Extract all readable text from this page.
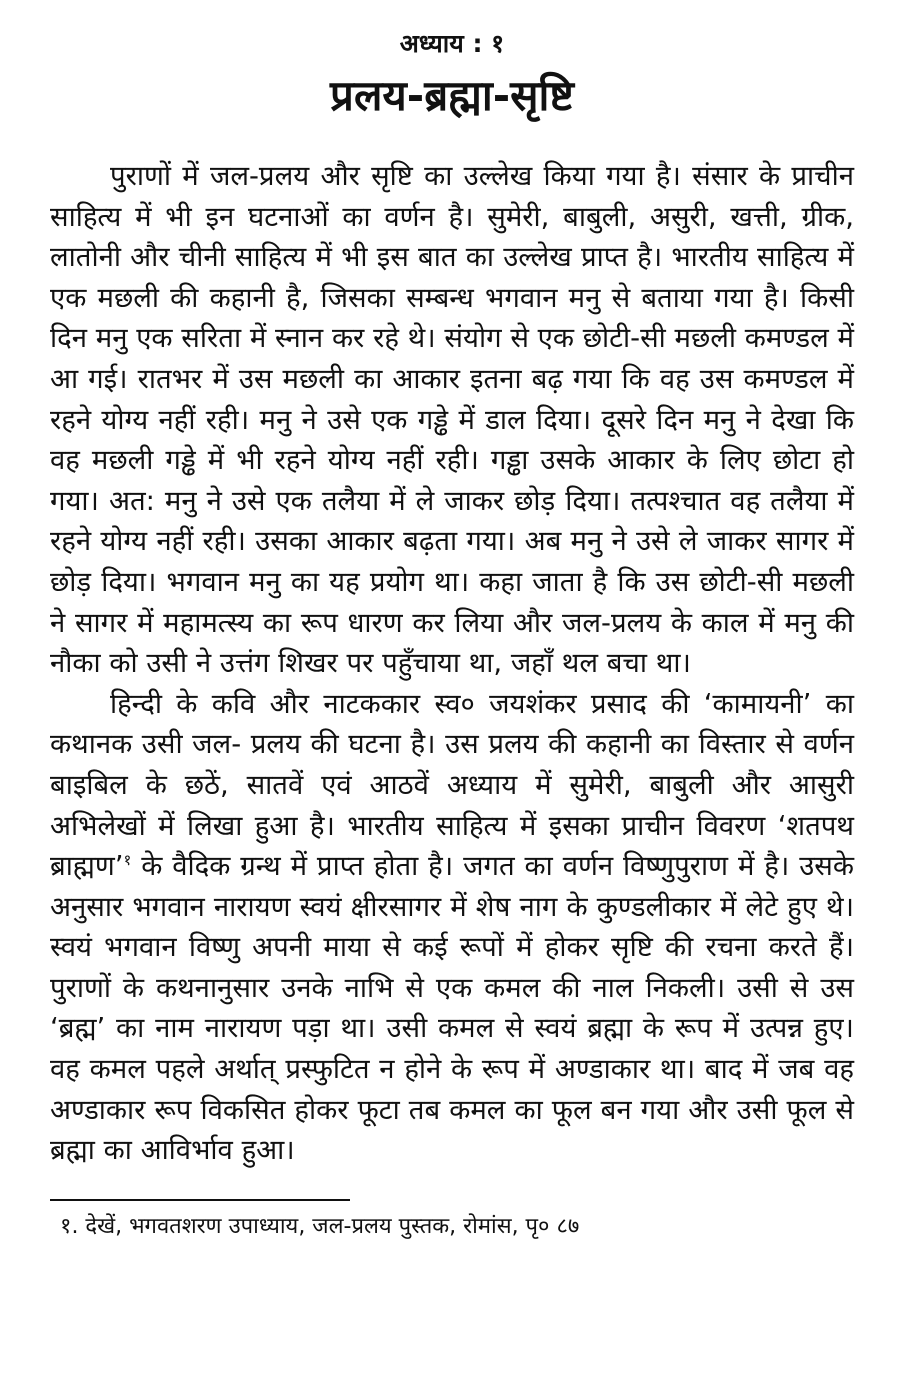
अध्याय : १
प्रलय-ब्रह्मा-सृष्टि

पुराणों में जल-प्रलय और सृष्टि का उल्लेख किया गया है। संसार के प्राचीन साहित्य में भी इन घटनाओं का वर्णन है। सुमेरी, बाबुली, असुरी, खत्ती, ग्रीक, लातोनी और चीनी साहित्य में भी इस बात का उल्लेख प्राप्त है। भारतीय साहित्य में एक मछली की कहानी है, जिसका सम्बन्ध भगवान मनु से बताया गया है। किसी दिन मनु एक सरिता में स्नान कर रहे थे। संयोग से एक छोटी-सी मछली कमण्डल में आ गई। रातभर में उस मछली का आकार इतना बढ़ गया कि वह उस कमण्डल में रहने योग्य नहीं रही। मनु ने उसे एक गड्ढे में डाल दिया। दूसरे दिन मनु ने देखा कि वह मछली गड्ढे में भी रहने योग्य नहीं रही। गड्ढा उसके आकार के लिए छोटा हो गया। अत: मनु ने उसे एक तलैया में ले जाकर छोड़ दिया। तत्पश्चात वह तलैया में रहने योग्य नहीं रही। उसका आकार बढ़ता गया। अब मनु ने उसे ले जाकर सागर में छोड़ दिया। भगवान मनु का यह प्रयोग था। कहा जाता है कि उस छोटी-सी मछली ने सागर में महामत्स्य का रूप धारण कर लिया और जल-प्रलय के काल में मनु की नौका को उसी ने उत्तंग शिखर पर पहुँचाया था, जहाँ थल बचा था।

हिन्दी के कवि और नाटककार स्व० जयशंकर प्रसाद की ‘कामायनी’ का कथानक उसी जल- प्रलय की घटना है। उस प्रलय की कहानी का विस्तार से वर्णन बाइबिल के छठें, सातवें एवं आठवें अध्याय में सुमेरी, बाबुली और आसुरी अभिलेखों में लिखा हुआ है। भारतीय साहित्य में इसका प्राचीन विवरण ‘शतपथ ब्राह्मण’$^१$ के वैदिक ग्रन्थ में प्राप्त होता है। जगत का वर्णन विष्णुपुराण में है। उसके अनुसार भगवान नारायण स्वयं क्षीरसागर में शेष नाग के कुण्डलीकार में लेटे हुए थे। स्वयं भगवान विष्णु अपनी माया से कई रूपों में होकर सृष्टि की रचना करते हैं। पुराणों के कथनानुसार उनके नाभि से एक कमल की नाल निकली। उसी से उस ‘ब्रह्म’ का नाम नारायण पड़ा था। उसी कमल से स्वयं ब्रह्मा के रूप में उत्पन्न हुए। वह कमल पहले अर्थात् प्रस्फुटित न होने के रूप में अण्डाकार था। बाद में जब वह अण्डाकार रूप विकसित होकर फूटा तब कमल का फूल बन गया और उसी फूल से ब्रह्मा का आविर्भाव हुआ।

१. देखें, भगवतशरण उपाध्याय, जल-प्रलय पुस्तक, रोमांस, पृ० ८७
